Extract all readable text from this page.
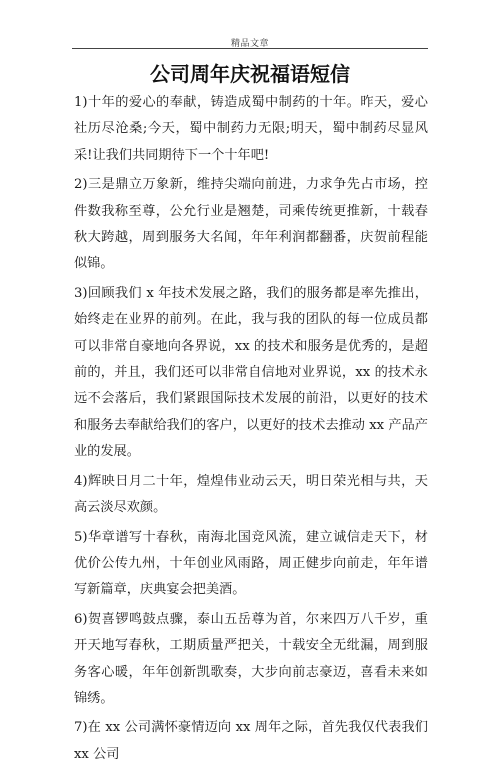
精品文章
公司周年庆祝福语短信

1)十年的爱心的奉献，铸造成蜀中制药的十年。昨天，爱心社历尽沧桑;今天，蜀中制药力无限;明天，蜀中制药尽显风采!让我们共同期待下一个十年吧!

2)三是鼎立万象新，维持尖端向前进，力求争先占市场，控件数我称至尊，公允行业是翘楚，司乘传统更推新，十载春秋大跨越，周到服务大名闻，年年利润都翻番，庆贺前程能似锦。

3)回顾我们 x 年技术发展之路，我们的服务都是率先推出，始终走在业界的前列。在此，我与我的团队的每一位成员都可以非常自豪地向各界说，xx 的技术和服务是优秀的，是超前的，并且，我们还可以非常自信地对业界说，xx 的技术永远不会落后，我们紧跟国际技术发展的前沿，以更好的技术和服务去奉献给我们的客户，以更好的技术去推动 xx 产品产业的发展。

4)辉映日月二十年，煌煌伟业动云天，明日荣光相与共，天高云淡尽欢颜。

5)华章谱写十春秋，南海北国竞风流，建立诚信走天下，材优价公传九州，十年创业风雨路，周正健步向前走，年年谱写新篇章，庆典宴会把美酒。

6)贺喜锣鸣鼓点骤，泰山五岳尊为首，尔来四万八千岁，重开天地写春秋，工期质量严把关，十载安全无纰漏，周到服务客心暖，年年创新凯歌奏，大步向前志豪迈，喜看未来如锦绣。

7)在 xx 公司满怀豪情迈向 xx 周年之际，首先我仅代表我们 xx 公司
